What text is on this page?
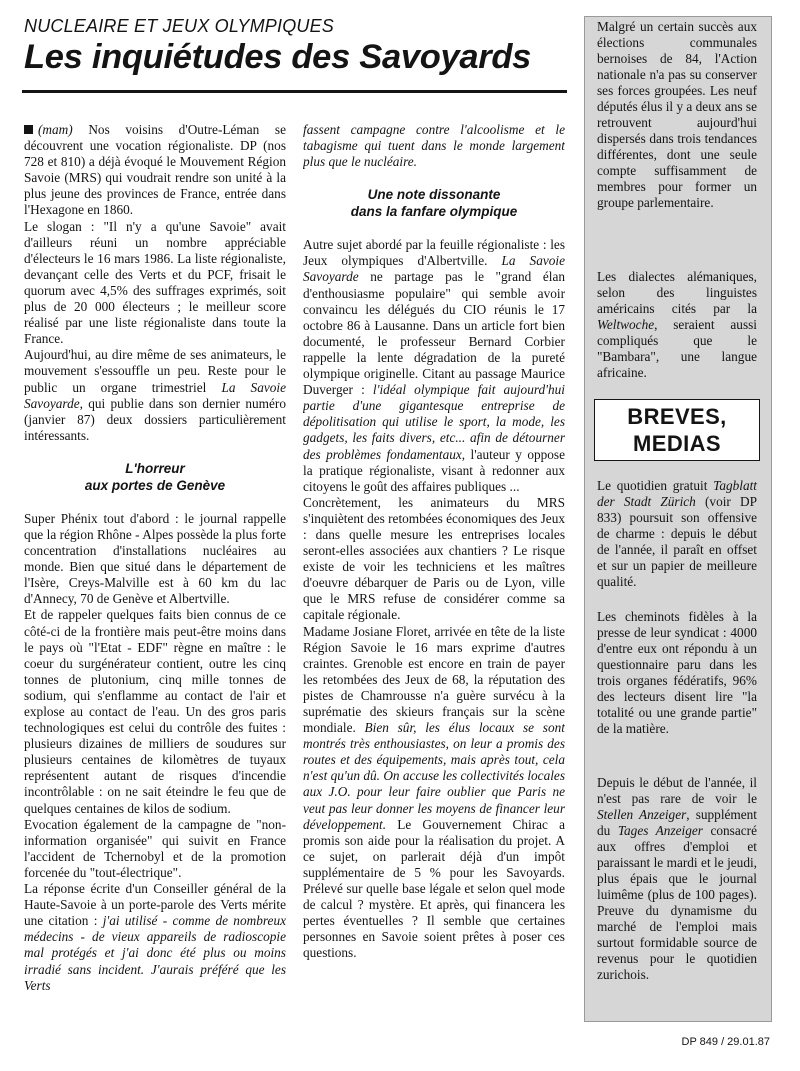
NUCLEAIRE ET JEUX OLYMPIQUES
Les inquiétudes des Savoyards

(mam) Nos voisins d'Outre-Léman se découvrent une vocation régionaliste. DP (nos 728 et 810) a déjà évoqué le Mouvement Région Savoie (MRS) qui voudrait rendre son unité à la plus jeune des provinces de France, entrée dans l'Hexagone en 1860.

Le slogan : "Il n'y a qu'une Savoie" avait d'ailleurs réuni un nombre appréciable d'électeurs le 16 mars 1986. La liste régionaliste, devançant celle des Verts et du PCF, frisait le quorum avec 4,5% des suffrages exprimés, soit plus de 20 000 électeurs ; le meilleur score réalisé par une liste régionaliste dans toute la France.

Aujourd'hui, au dire même de ses animateurs, le mouvement s'essouffle un peu. Reste pour le public un organe trimestriel La Savoie Savoyarde, qui publie dans son dernier numéro (janvier 87) deux dossiers particulièrement intéressants.

L'horreur
aux portes de Genève

Super Phénix tout d'abord : le journal rappelle que la région Rhône - Alpes possède la plus forte concentration d'installations nucléaires au monde. Bien que situé dans le département de l'Isère, Creys-Malville est à 60 km du lac d'Annecy, 70 de Genève et Albertville.

Et de rappeler quelques faits bien connus de ce côté-ci de la frontière mais peut-être moins dans le pays où "l'Etat - EDF" règne en maître : le coeur du surgénérateur contient, outre les cinq tonnes de plutonium, cinq mille tonnes de sodium, qui s'enflamme au contact de l'air et explose au contact de l'eau. Un des gros paris technologiques est celui du contrôle des fuites : plusieurs dizaines de milliers de soudures sur plusieurs centaines de kilomètres de tuyaux représentent autant de risques d'incendie incontrôlable : on ne sait éteindre le feu que de quelques centaines de kilos de sodium.

Evocation également de la campagne de "non-information organisée" qui suivit en France l'accident de Tchernobyl et de la promotion forcenée du "tout-électrique".

La réponse écrite d'un Conseiller général de la Haute-Savoie à un porte-parole des Verts mérite une citation : j'ai utilisé - comme de nombreux médecins - de vieux appareils de radioscopie mal protégés et j'ai donc été plus ou moins irradié sans incident. J'aurais préféré que les Verts

fassent campagne contre l'alcoolisme et le tabagisme qui tuent dans le monde largement plus que le nucléaire.

Une note dissonante
dans la fanfare olympique

Autre sujet abordé par la feuille régionaliste : les Jeux olympiques d'Albertville. La Savoie Savoyarde ne partage pas le "grand élan d'enthousiasme populaire" qui semble avoir convaincu les délégués du CIO réunis le 17 octobre 86 à Lausanne. Dans un article fort bien documenté, le professeur Bernard Corbier rappelle la lente dégradation de la pureté olympique originelle. Citant au passage Maurice Duverger : l'idéal olympique fait aujourd'hui partie d'une gigantesque entreprise de dépolitisation qui utilise le sport, la mode, les gadgets, les faits divers, etc... afin de détourner des problèmes fondamentaux, l'auteur y oppose la pratique régionaliste, visant à redonner aux citoyens le goût des affaires publiques ...

Concrètement, les animateurs du MRS s'inquiètent des retombées économiques des Jeux : dans quelle mesure les entreprises locales seront-elles associées aux chantiers ? Le risque existe de voir les techniciens et les maîtres d'oeuvre débarquer de Paris ou de Lyon, ville que le MRS refuse de considérer comme sa capitale régionale.

Madame Josiane Floret, arrivée en tête de la liste Région Savoie le 16 mars exprime d'autres craintes. Grenoble est encore en train de payer les retombées des Jeux de 68, la réputation des pistes de Chamrousse n'a guère survécu à la suprématie des skieurs français sur la scène mondiale. Bien sûr, les élus locaux se sont montrés très enthousiastes, on leur a promis des routes et des équipements, mais après tout, cela n'est qu'un dû. On accuse les collectivités locales aux J.O. pour leur faire oublier que Paris ne veut pas leur donner les moyens de financer leur développement. Le Gouvernement Chirac a promis son aide pour la réalisation du projet. A ce sujet, on parlerait déjà d'un impôt supplémentaire de 5 % pour les Savoyards. Prélevé sur quelle base légale et selon quel mode de calcul ? mystère. Et après, qui financera les pertes éventuelles ? Il semble que certaines personnes en Savoie soient prêtes à poser ces questions.

Malgré un certain succès aux élections communales bernoises de 84, l'Action nationale n'a pas su conserver ses forces groupées. Les neuf députés élus il y a deux ans se retrouvent aujourd'hui dispersés dans trois tendances différentes, dont une seule compte suffisamment de membres pour former un groupe parlementaire.
Les dialectes alémaniques, selon des linguistes américains cités par la Weltwoche, seraient aussi compliqués que le "Bambara", une langue africaine.
BREVES,
MEDIAS
Le quotidien gratuit Tagblatt der Stadt Zürich (voir DP 833) poursuit son offensive de charme : depuis le début de l'année, il paraît en offset et sur un papier de meilleure qualité.
Les cheminots fidèles à la presse de leur syndicat : 4000 d'entre eux ont répondu à un questionnaire paru dans les trois organes fédératifs, 96% des lecteurs disent lire "la totalité ou une grande partie" de la matière.
Depuis le début de l'année, il n'est pas rare de voir le Stellen Anzeiger, supplément du Tages Anzeiger consacré aux offres d'emploi et paraissant le mardi et le jeudi, plus épais que le journal luimême (plus de 100 pages). Preuve du dynamisme du marché de l'emploi mais surtout formidable source de revenus pour le quotidien zurichois.
DP 849 / 29.01.87
